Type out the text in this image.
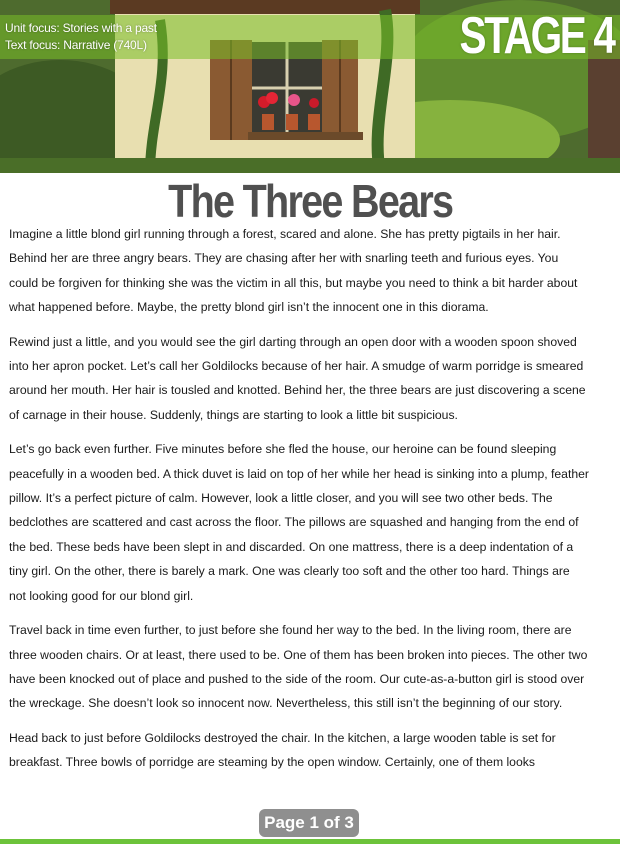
Unit focus: Stories with a past
Text focus: Narrative (740L)	STAGE 4
The Three Bears

Imagine a little blond girl running through a forest, scared and alone. She has pretty pigtails in her hair. Behind her are three angry bears. They are chasing after her with snarling teeth and furious eyes. You could be forgiven for thinking she was the victim in all this, but maybe you need to think a bit harder about what happened before. Maybe, the pretty blond girl isn’t the innocent one in this diorama.

Rewind just a little, and you would see the girl darting through an open door with a wooden spoon shoved into her apron pocket. Let’s call her Goldilocks because of her hair. A smudge of warm porridge is smeared around her mouth. Her hair is tousled and knotted. Behind her, the three bears are just discovering a scene of carnage in their house. Suddenly, things are starting to look a little bit suspicious.

Let’s go back even further. Five minutes before she fled the house, our heroine can be found sleeping peacefully in a wooden bed. A thick duvet is laid on top of her while her head is sinking into a plump, feather pillow. It’s a perfect picture of calm. However, look a little closer, and you will see two other beds. The bedclothes are scattered and cast across the floor. The pillows are squashed and hanging from the end of the bed. These beds have been slept in and discarded. On one mattress, there is a deep indentation of a tiny girl. On the other, there is barely a mark. One was clearly too soft and the other too hard. Things are not looking good for our blond girl.

Travel back in time even further, to just before she found her way to the bed. In the living room, there are three wooden chairs. Or at least, there used to be. One of them has been broken into pieces. The other two have been knocked out of place and pushed to the side of the room. Our cute-as-a-button girl is stood over the wreckage. She doesn’t look so innocent now. Nevertheless, this still isn’t the beginning of our story.

Head back to just before Goldilocks destroyed the chair. In the kitchen, a large wooden table is set for breakfast. Three bowls of porridge are steaming by the open window. Certainly, one of them looks

Page 1 of 3
